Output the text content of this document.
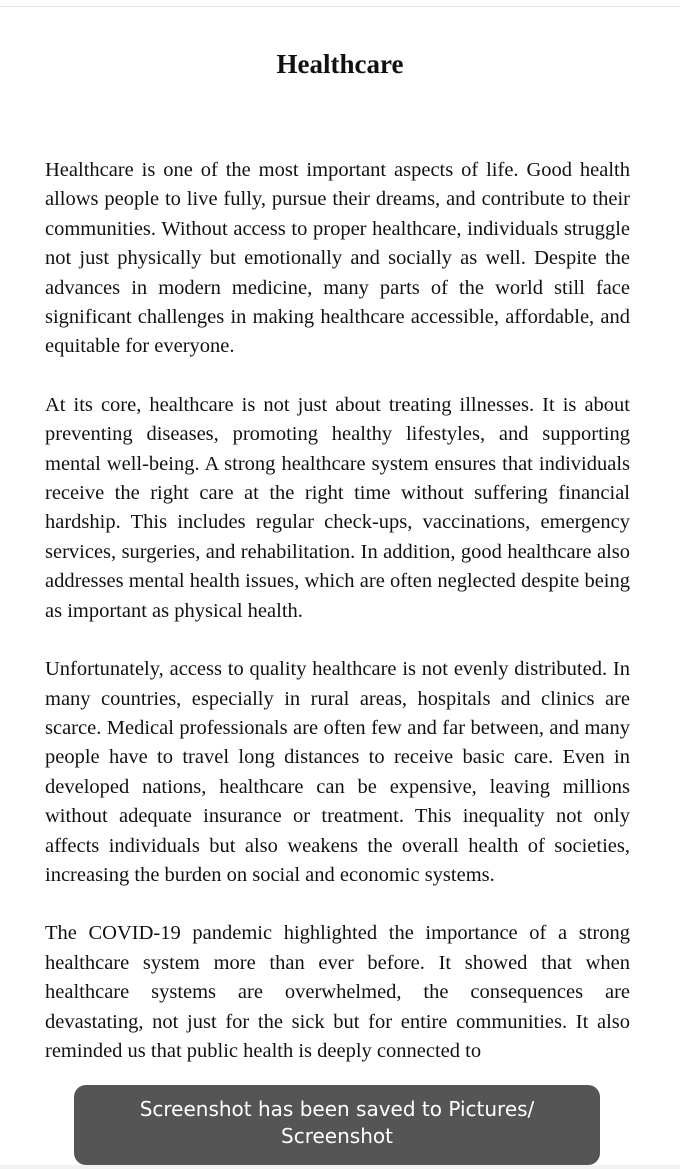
Healthcare

Healthcare is one of the most important aspects of life. Good health allows people to live fully, pursue their dreams, and contribute to their communities. Without access to proper healthcare, individuals struggle not just physically but emotionally and socially as well. Despite the advances in modern medicine, many parts of the world still face significant challenges in making healthcare accessible, affordable, and equitable for everyone.

At its core, healthcare is not just about treating illnesses. It is about preventing diseases, promoting healthy lifestyles, and supporting mental well-being. A strong healthcare system ensures that individuals receive the right care at the right time without suffering financial hardship. This includes regular check-ups, vaccinations, emergency services, surgeries, and rehabilitation. In addition, good healthcare also addresses mental health issues, which are often neglected despite being as important as physical health.

Unfortunately, access to quality healthcare is not evenly distributed. In many countries, especially in rural areas, hospitals and clinics are scarce. Medical professionals are often few and far between, and many people have to travel long distances to receive basic care. Even in developed nations, healthcare can be expensive, leaving millions without adequate insurance or treatment. This inequality not only affects individuals but also weakens the overall health of societies, increasing the burden on social and economic systems.

The COVID-19 pandemic highlighted the importance of a strong healthcare system more than ever before. It showed that when healthcare systems are overwhelmed, the consequences are devastating, not just for the sick but for entire communities. It also reminded us that public health is deeply connected to

Screenshot has been saved to Pictures/
Screenshot
